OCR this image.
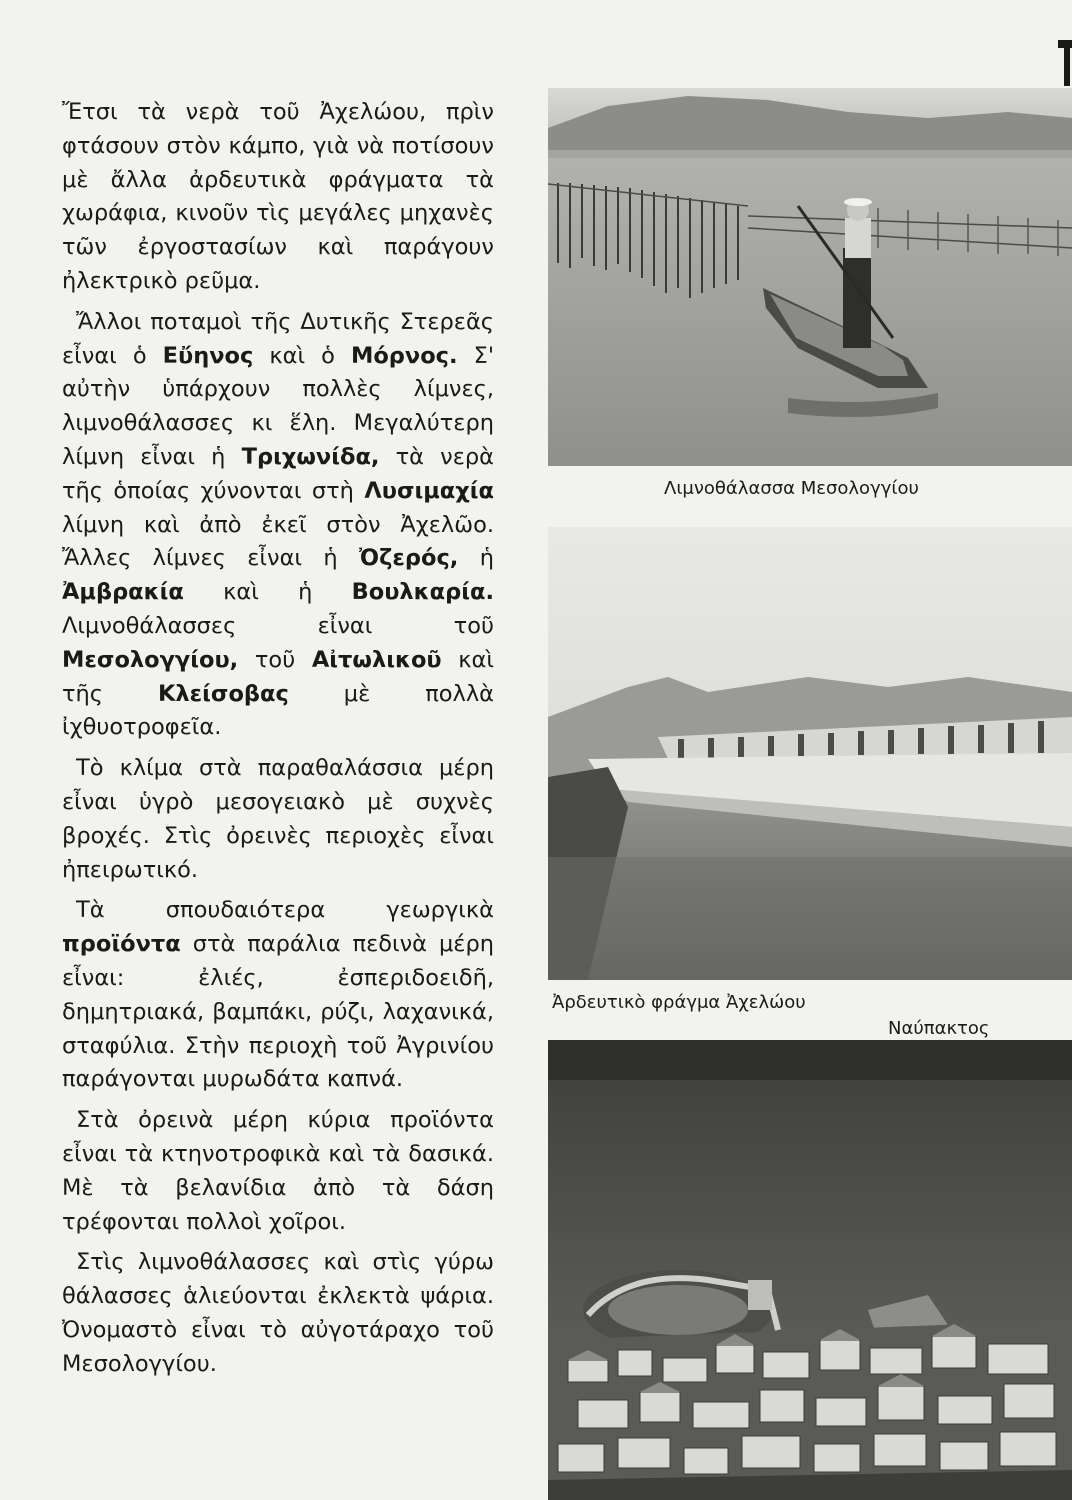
Ἔτσι τὰ νερὰ τοῦ Ἀχελώου, πρὶν φτάσουν στὸν κάμπο, γιὰ νὰ ποτίσουν μὲ ἄλλα ἀρδευτικὰ φράγματα τὰ χωράφια, κινοῦν τὶς μεγάλες μηχανὲς τῶν ἐργοστασίων καὶ παράγουν ἠλεκτρικὸ ρεῦμα.

Ἄλλοι ποταμοὶ τῆς Δυτικῆς Στερεᾶς εἶναι ὁ Εὔηνος καὶ ὁ Μόρνος. Σ' αὐτὴν ὑπάρχουν πολλὲς λίμνες, λιμνοθάλασσες κι ἕλη. Μεγαλύτερη λίμνη εἶναι ἡ Τριχωνίδα, τὰ νερὰ τῆς ὁποίας χύνονται στὴ Λυσιμαχία λίμνη καὶ ἀπὸ ἐκεῖ στὸν Ἀχελῶο. Ἄλλες λίμνες εἶναι ἡ Ὀζερός, ἡ Ἀμβρακία καὶ ἡ Βουλκαρία. Λιμνοθάλασσες εἶναι τοῦ Μεσολογγίου, τοῦ Αἰτωλικοῦ καὶ τῆς Κλείσοβας μὲ πολλὰ ἰχθυοτροφεῖα.

Τὸ κλίμα στὰ παραθαλάσσια μέρη εἶναι ὑγρὸ μεσογειακὸ μὲ συχνὲς βροχές. Στὶς ὀρεινὲς περιοχὲς εἶναι ἠπειρωτικό.

Τὰ σπουδαιότερα γεωργικὰ προϊόντα στὰ παράλια πεδινὰ μέρη εἶναι: ἐλιές, ἐσπεριδοειδῆ, δημητριακά, βαμπάκι, ρύζι, λαχανικά, σταφύλια. Στὴν περιοχὴ τοῦ Ἀγρινίου παράγονται μυρωδάτα καπνά.

Στὰ ὀρεινὰ μέρη κύρια προϊόντα εἶναι τὰ κτηνοτροφικὰ καὶ τὰ δασικά. Μὲ τὰ βελανίδια ἀπὸ τὰ δάση τρέφονται πολλοὶ χοῖροι.

Στὶς λιμνοθάλασσες καὶ στὶς γύρω θάλασσες ἁλιεύονται ἐκλεκτὰ ψάρια. Ὀνομαστὸ εἶναι τὸ αὐγοτάραχο τοῦ Μεσολογγίου.

Λιμνοθάλασσα Μεσολογγίου
Ἀρδευτικὸ φράγμα Ἀχελώου
Ναύπακτος
